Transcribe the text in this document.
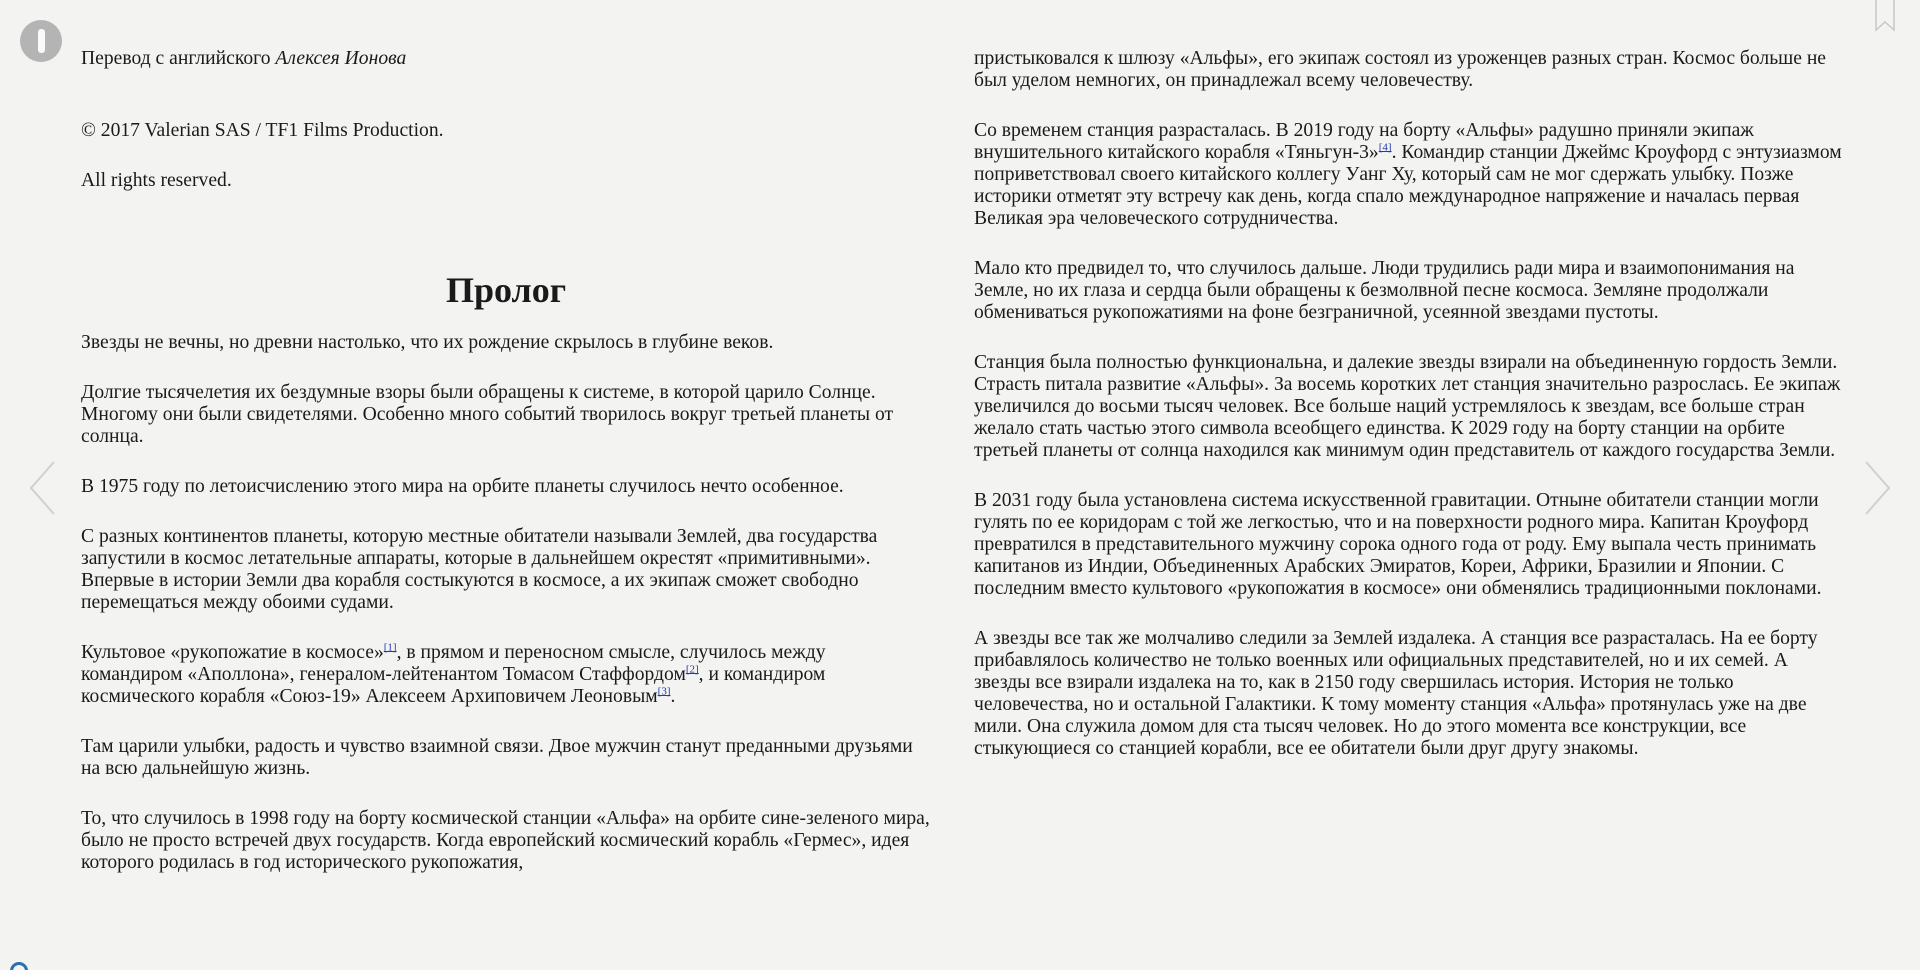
Перевод с английского Алексея Ионова

© 2017 Valerian SAS / TF1 Films Production.

All rights reserved.

Пролог

Звезды не вечны, но древни настолько, что их рождение скрылось в глубине веков.

Долгие тысячелетия их бездумные взоры были обращены к системе, в которой царило Солнце. Многому они были свидетелями. Особенно много событий творилось вокруг третьей планеты от солнца.

В 1975 году по летоисчислению этого мира на орбите планеты случилось нечто особенное.

С разных континентов планеты, которую местные обитатели называли Землей, два государства запустили в космос летательные аппараты, которые в дальнейшем окрестят «примитивными». Впервые в истории Земли два корабля состыкуются в космосе, а их экипаж сможет свободно перемещаться между обоими судами.

Культовое «рукопожатие в космосе»[1], в прямом и переносном смысле, случилось между командиром «Аполлона», генералом-лейтенантом Томасом Стаффордом[2], и командиром космического корабля «Союз-19» Алексеем Архиповичем Леоновым[3].

Там царили улыбки, радость и чувство взаимной связи. Двое мужчин станут преданными друзьями на всю дальнейшую жизнь.

То, что случилось в 1998 году на борту космической станции «Альфа» на орбите сине-зеленого мира, было не просто встречей двух государств. Когда европейский космический корабль «Гермес», идея которого родилась в год исторического рукопожатия,

пристыковался к шлюзу «Альфы», его экипаж состоял из уроженцев разных стран. Космос больше не был уделом немногих, он принадлежал всему человечеству.

Со временем станция разрасталась. В 2019 году на борту «Альфы» радушно приняли экипаж внушительного китайского корабля «Тяньгун-3»[4]. Командир станции Джеймс Кроуфорд с энтузиазмом поприветствовал своего китайского коллегу Уанг Ху, который сам не мог сдержать улыбку. Позже историки отметят эту встречу как день, когда спало международное напряжение и началась первая Великая эра человеческого сотрудничества.

Мало кто предвидел то, что случилось дальше. Люди трудились ради мира и взаимопонимания на Земле, но их глаза и сердца были обращены к безмолвной песне космоса. Земляне продолжали обмениваться рукопожатиями на фоне безграничной, усеянной звездами пустоты.

Станция была полностью функциональна, и далекие звезды взирали на объединенную гордость Земли. Страсть питала развитие «Альфы». За восемь коротких лет станция значительно разрослась. Ее экипаж увеличился до восьми тысяч человек. Все больше наций устремлялось к звездам, все больше стран желало стать частью этого символа всеобщего единства. К 2029 году на борту станции на орбите третьей планеты от солнца находился как минимум один представитель от каждого государства Земли.

В 2031 году была установлена система искусственной гравитации. Отныне обитатели станции могли гулять по ее коридорам с той же легкостью, что и на поверхности родного мира. Капитан Кроуфорд превратился в представительного мужчину сорока одного года от роду. Ему выпала честь принимать капитанов из Индии, Объединенных Арабских Эмиратов, Кореи, Африки, Бразилии и Японии. С последним вместо культового «рукопожатия в космосе» они обменялись традиционными поклонами.

А звезды все так же молчаливо следили за Землей издалека. А станция все разрасталась. На ее борту прибавлялось количество не только военных или официальных представителей, но и их семей. А звезды все взирали издалека на то, как в 2150 году свершилась история. История не только человечества, но и остальной Галактики. К тому моменту станция «Альфа» протянулась уже на две мили. Она служила домом для ста тысяч человек. Но до этого момента все конструкции, все стыкующиеся со станцией корабли, все ее обитатели были друг другу знакомы.
